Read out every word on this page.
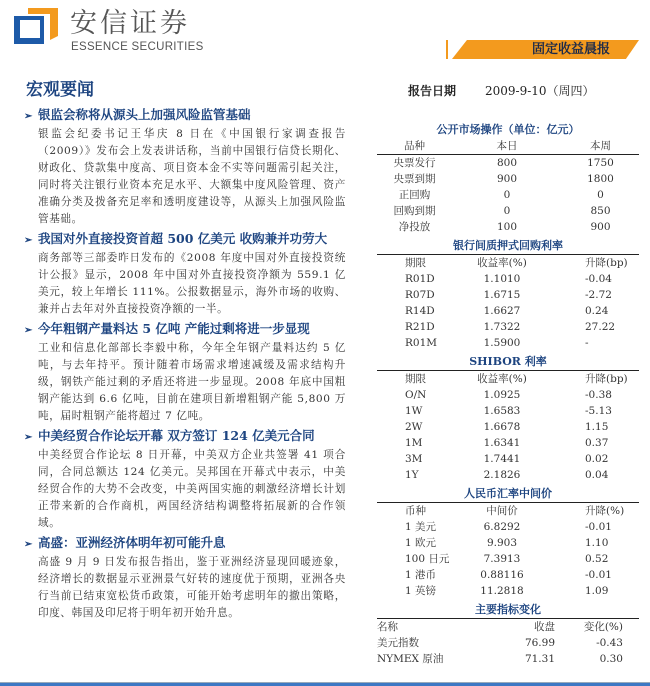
安信证券
ESSENCE SECURITIES	固定收益晨报
宏观要闻	报告日期 2009-9-10（周四）
➢ 银监会称将从源头上加强风险监管基础

银监会纪委书记王华庆 8 日在《中国银行家调查报告（2009）》发布会上发表讲话称，当前中国银行信贷长期化、财政化、贷款集中度高、项目资本金不实等问题需引起关注，同时将关注银行业资本充足水平、大额集中度风险管理、资产准确分类及拨备充足率和透明度建设等，从源头上加强风险监管基础。

➢ 我国对外直接投资首超 500 亿美元 收购兼并功劳大

商务部等三部委昨日发布的《2008 年度中国对外直接投资统计公报》显示，2008 年中国对外直接投资净额为 559.1 亿美元，较上年增长 111%。公报数据显示，海外市场的收购、兼并占去年对外直接投资净额的一半。

➢ 今年粗钢产量料达 5 亿吨 产能过剩将进一步显现

工业和信息化部部长李毅中称，今年全年钢产量料达约 5 亿吨，与去年持平。预计随着市场需求增速减缓及需求结构升级，钢铁产能过剩的矛盾还将进一步显现。2008 年底中国粗钢产能达到 6.6 亿吨，目前在建项目新增粗钢产能 5,800 万吨，届时粗钢产能将超过 7 亿吨。

➢ 中美经贸合作论坛开幕 双方签订 124 亿美元合同

中美经贸合作论坛 8 日开幕，中美双方企业共签署 41 项合同，合同总额达 124 亿美元。吴邦国在开幕式中表示，中美经贸合作的大势不会改变，中美两国实施的刺激经济增长计划正带来新的合作商机，两国经济结构调整将拓展新的合作领域。

➢ 高盛：亚洲经济体明年初可能升息

高盛 9 月 9 日发布报告指出，鉴于亚洲经济显现回暖迹象，经济增长的数据显示亚洲景气好转的速度优于预期，亚洲各央行当前已结束宽松货币政策，可能开始考虑明年的撤出策略，印度、韩国及印尼将于明年初开始升息。

公开市场操作（单位：亿元）
品种	本日	本周
央票发行	800	1750
央票到期	900	1800
正回购	0	0
回购到期	0	850
净投放	100	900
银行间质押式回购利率
期限	收益率(%)	升降(bp)
R01D	1.1010	-0.04
R07D	1.6715	-2.72
R14D	1.6627	0.24
R21D	1.7322	27.22
R01M	1.5900	-
SHIBOR 利率
期限	收益率(%)	升降(bp)
O/N	1.0925	-0.38
1W	1.6583	-5.13
2W	1.6678	1.15
1M	1.6341	0.37
3M	1.7441	0.02
1Y	2.1826	0.04
人民币汇率中间价
币种	中间价	升降(%)
1 美元	6.8292	-0.01
1 欧元	9.903	1.10
100 日元	7.3913	0.52
1 港币	0.88116	-0.01
1 英镑	11.2818	1.09
主要指标变化
名称	收盘	变化(%)
美元指数	76.99	-0.43
NYMEX 原油	71.31	0.30
